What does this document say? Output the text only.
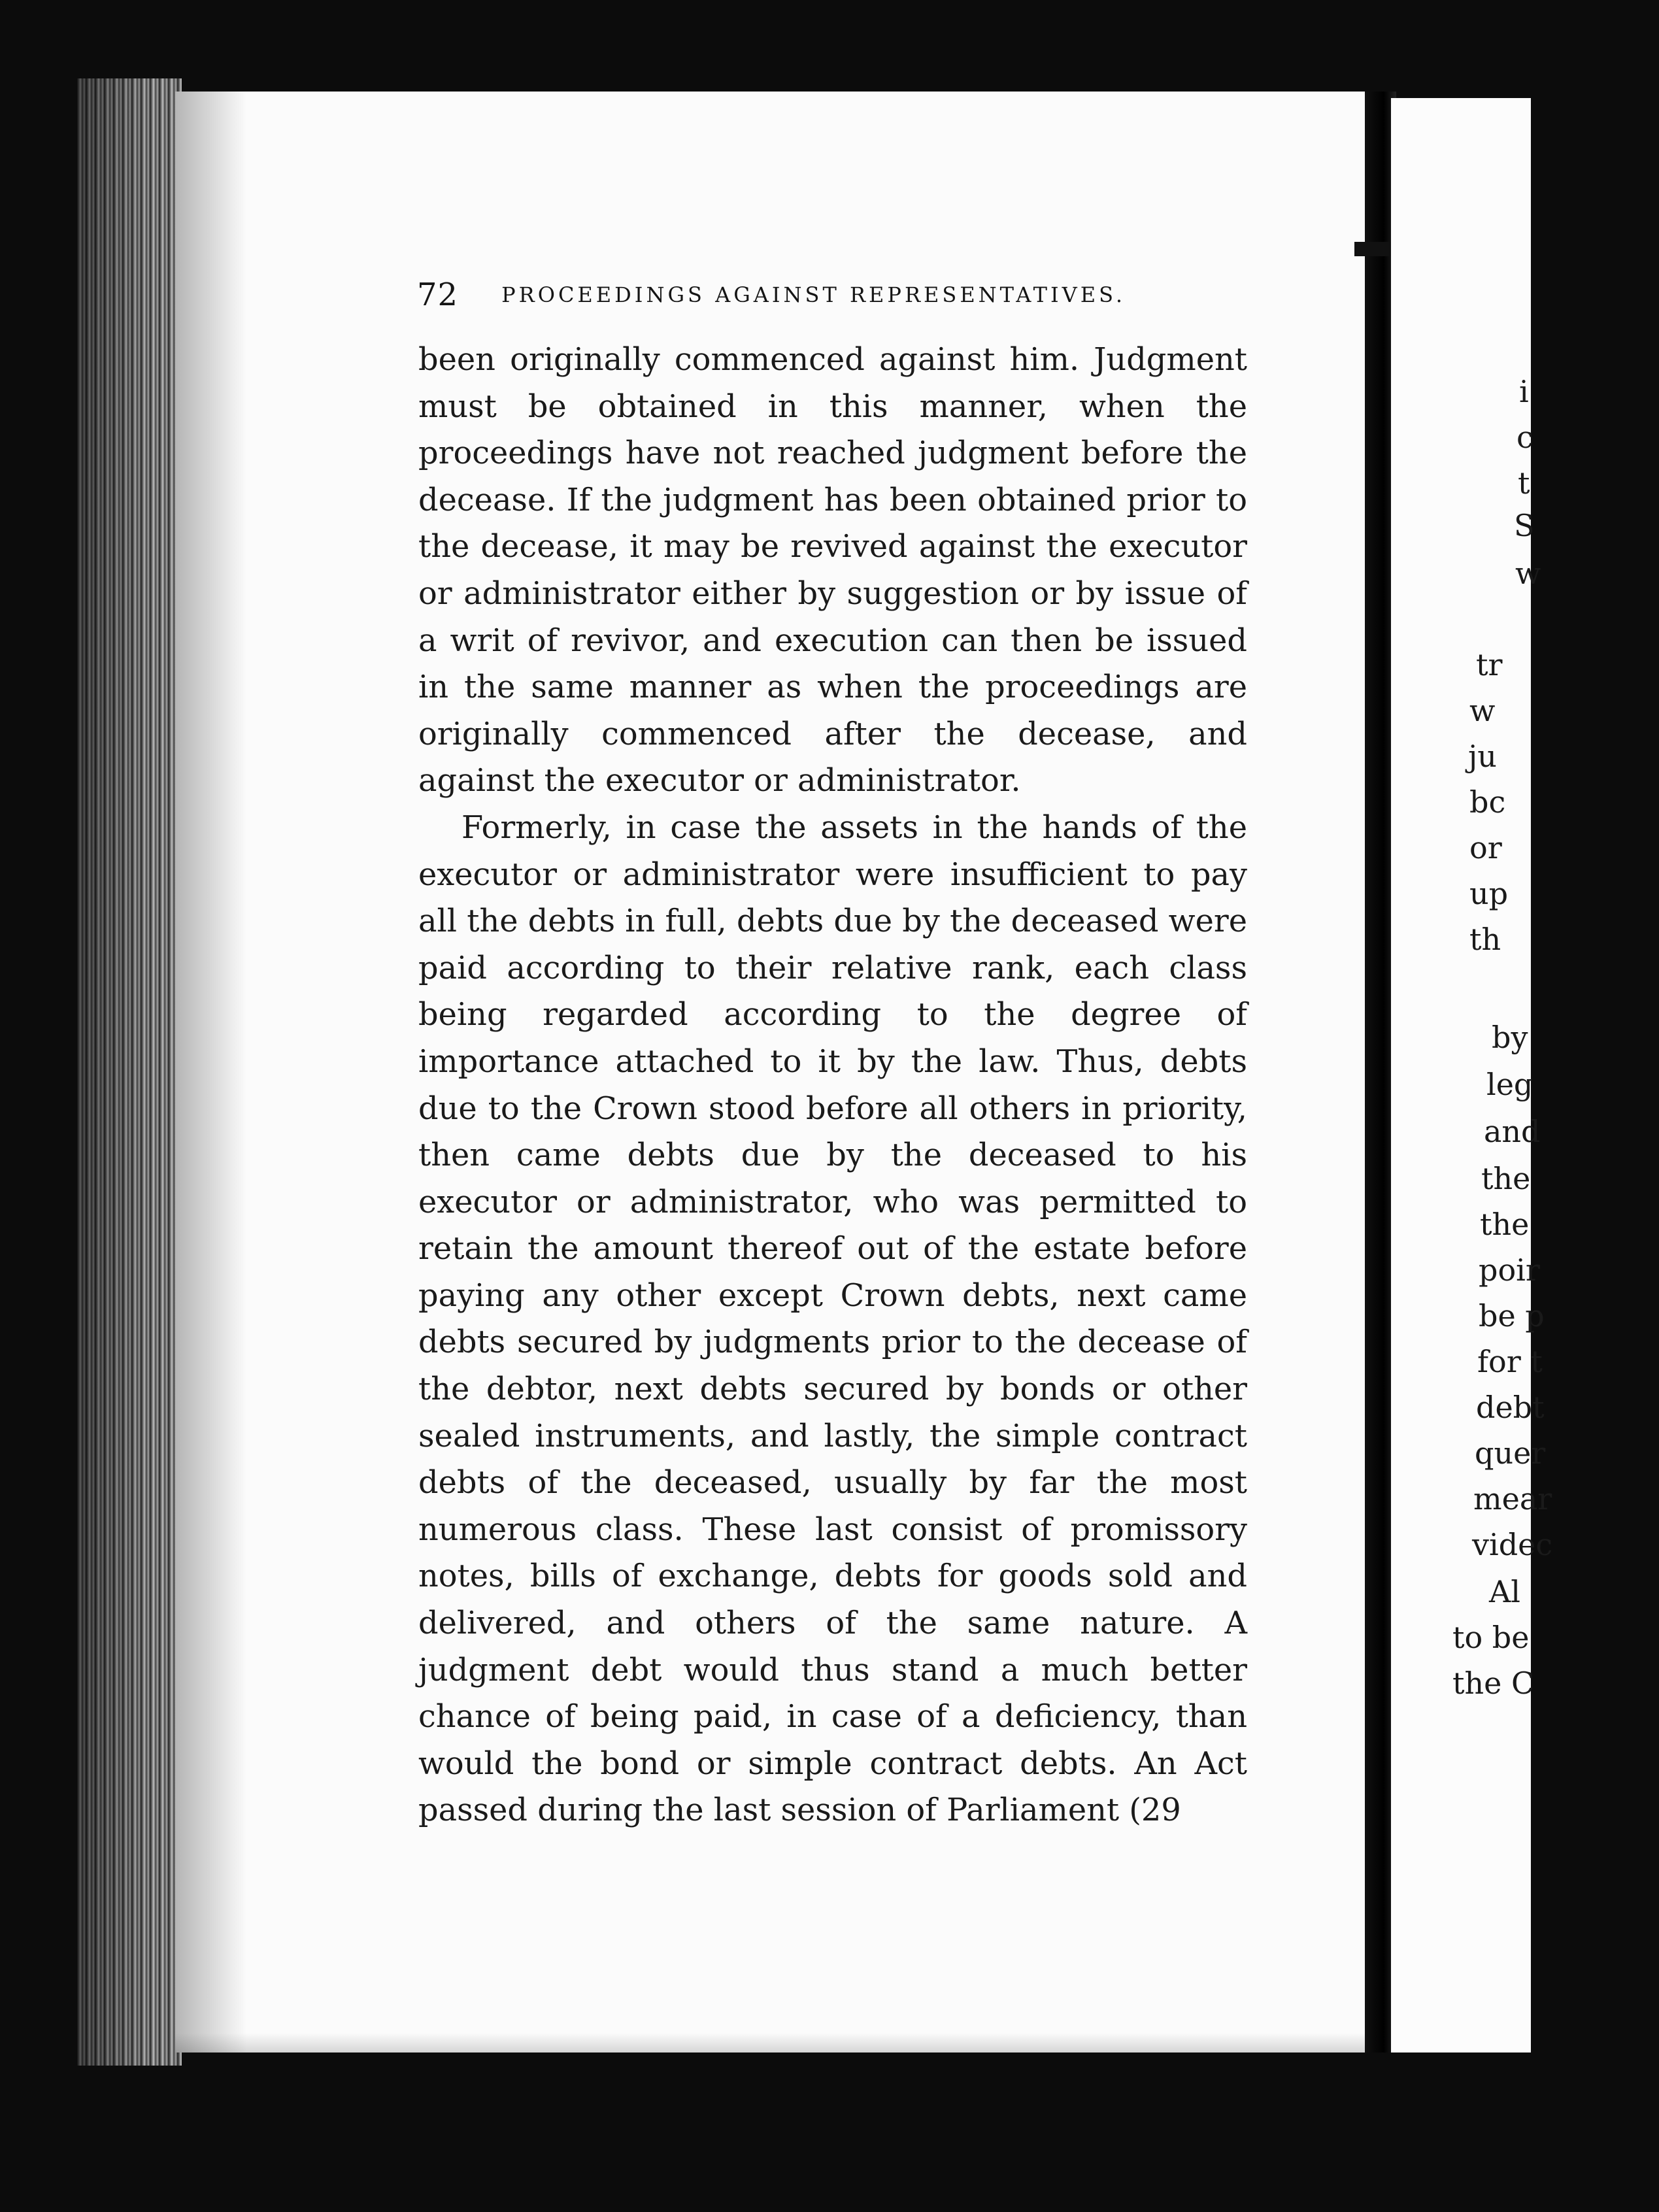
72 PROCEEDINGS AGAINST REPRESENTATIVES.

been originally commenced against him. Judgment must be obtained in this manner, when the proceedings have not reached judgment before the decease. If the judgment has been obtained prior to the decease, it may be revived against the executor or administrator either by suggestion or by issue of a writ of revivor, and execution can then be issued in the same manner as when the proceedings are originally commenced after the decease, and against the executor or administrator.

Formerly, in case the assets in the hands of the executor or administrator were insufficient to pay all the debts in full, debts due by the deceased were paid according to their relative rank, each class being regarded according to the degree of importance attached to it by the law. Thus, debts due to the Crown stood before all others in priority, then came debts due by the deceased to his executor or administrator, who was permitted to retain the amount thereof out of the estate before paying any other except Crown debts, next came debts secured by judgments prior to the decease of the debtor, next debts secured by bonds or other sealed instruments, and lastly, the simple contract debts of the deceased, usually by far the most numerous class. These last consist of promissory notes, bills of exchange, debts for goods sold and delivered, and others of the same nature. A judgment debt would thus stand a much better chance of being paid, in case of a deficiency, than would the bond or simple contract debts. An Act passed during the last session of Parliament (29

i
c
t
S
w
tr
w
ju
bc
or
up
th
by
leg
and
the
the
poir
be p
for t
debt
quer
mear
videc
Al
to be
the C
